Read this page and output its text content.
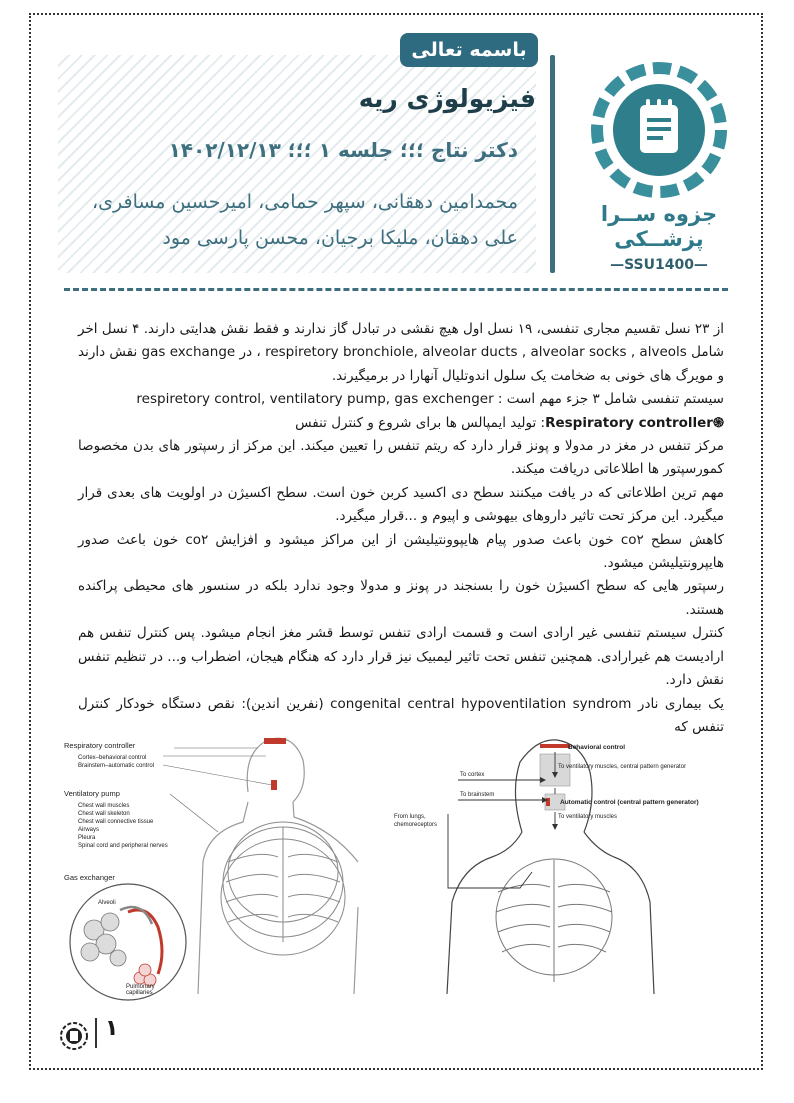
باسمه تعالی
فیزیولوژی ریه
دکتر نتاج ؛؛؛ جلسه ۱ ؛؛؛ ۱۴۰۲/۱۲/۱۳
محمدامین دهقانی، سپهر حمامی، امیرحسین مسافری، علی دهقان، ملیکا برجیان، محسن پارسی مود
جزوه ســرا
پزشــکی
—SSU1400—

از ۲۳ نسل تقسیم مجاری تنفسی، ۱۹ نسل اول هیچ نقشی در تبادل گاز ندارند و فقط نقش هدایتی دارند. ۴ نسل اخر شامل respiretory bronchiole, alveolar ducts , alveolar socks , alveols ، در gas exchange نقش دارند و مویرگ های خونی به ضخامت یک سلول اندوتلیال آنهارا در برمیگیرند.

سیستم تنفسی شامل ۳ جزء مهم است : respiretory control, ventilatory pump, gas exchenger

֍Respiratory controller: تولید ایمپالس ها برای شروع و کنترل تنفس

مرکز تنفس در مغز در مدولا و پونز قرار دارد که ریتم تنفس را تعیین میکند. این مرکز از رسپتور های بدن مخصوصا کمورسپتور ها اطلاعاتی دریافت میکند.

مهم ترین اطلاعاتی که در یافت میکنند سطح دی اکسید کربن خون است. سطح اکسیژن در اولویت های بعدی قرار میگیرد. این مرکز تحت تاثیر داروهای بیهوشی و اپیوم و ...قرار میگیرد.

کاهش سطح co۲ خون باعث صدور پیام هایپوونتیلیشن از این مراکز میشود و افزایش co۲ خون باعث صدور هایپرونتیلیشن میشود.

رسپتور هایی که سطح اکسیژن خون را بسنجند در پونز و مدولا وجود ندارد بلکه در سنسور های محیطی پراکنده هستند.

کنترل سیستم تنفسی غیر ارادی است و قسمت ارادی تنفس توسط قشر مغز انجام میشود. پس کنترل تنفس هم ارادیست هم غیرارادی. همچنین تنفس تحت تاثیر لیمبیک نیز قرار دارد که هنگام هیجان، اضطراب و... در تنظیم تنفس نقش دارد.

یک بیماری نادر congenital central hypoventilation syndrom (نفرین اندین): نقص دستگاه خودکار کنترل تنفس که

Respiratory controller
Cortex–behavioral control
Brainstem–automatic control
Ventilatory pump
Chest wall muscles
Chest wall skeleton
Chest wall connective tissue
Airways
Pleura
Spinal cord and peripheral nerves
Gas exchanger
Alveoli
Pulmonary
capillaries
Behavioral control
To cortex
To ventilatory muscles, central pattern generator
To brainstem
Automatic control (central pattern generator)
To ventilatory muscles
From lungs,
chemoreceptors
۱
